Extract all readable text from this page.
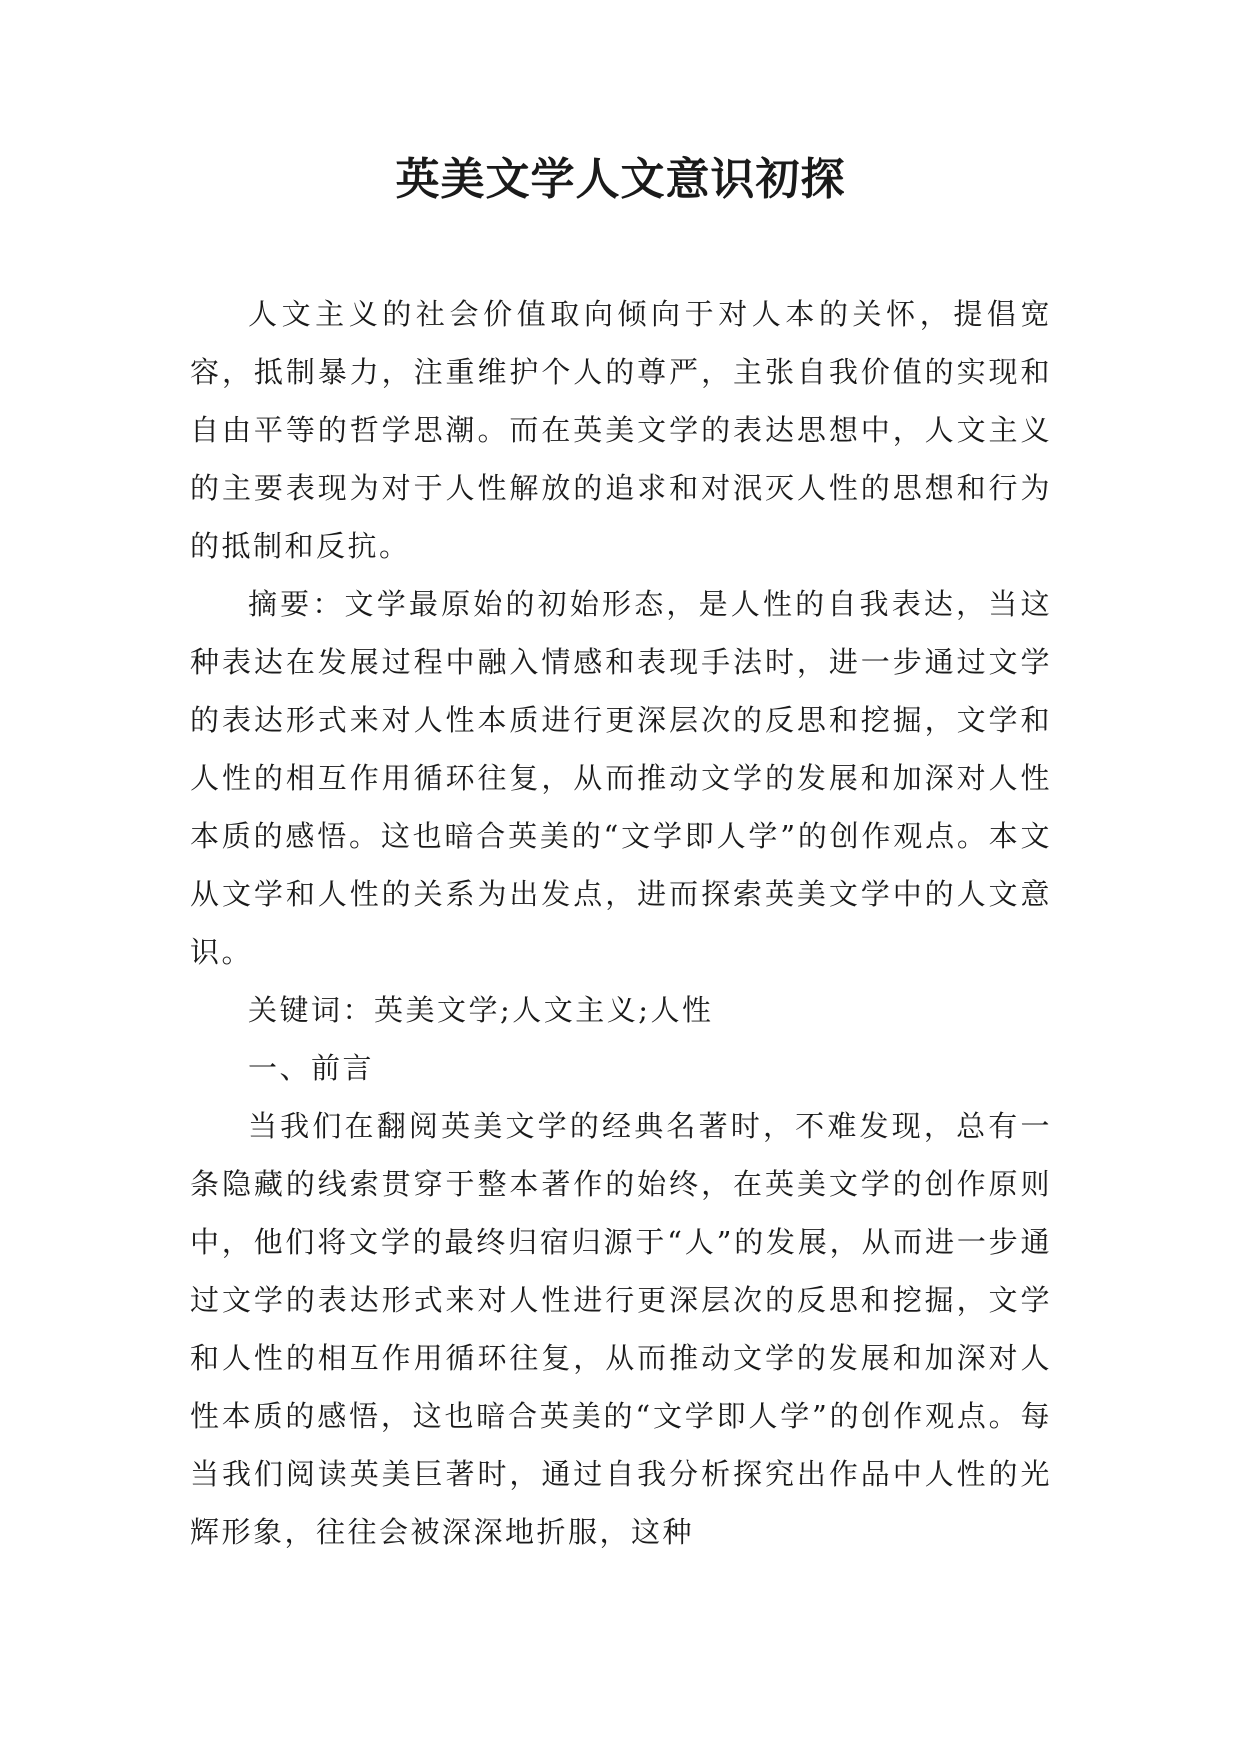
英美文学人文意识初探

人文主义的社会价值取向倾向于对人本的关怀，提倡宽容，抵制暴力，注重维护个人的尊严，主张自我价值的实现和自由平等的哲学思潮。而在英美文学的表达思想中，人文主义的主要表现为对于人性解放的追求和对泯灭人性的思想和行为的抵制和反抗。

摘要：文学最原始的初始形态，是人性的自我表达，当这种表达在发展过程中融入情感和表现手法时，进一步通过文学的表达形式来对人性本质进行更深层次的反思和挖掘，文学和人性的相互作用循环往复，从而推动文学的发展和加深对人性本质的感悟。这也暗合英美的“文学即人学”的创作观点。本文从文学和人性的关系为出发点，进而探索英美文学中的人文意识。

关键词：英美文学;人文主义;人性

一、前言

当我们在翻阅英美文学的经典名著时，不难发现，总有一条隐藏的线索贯穿于整本著作的始终，在英美文学的创作原则中，他们将文学的最终归宿归源于“人”的发展，从而进一步通过文学的表达形式来对人性进行更深层次的反思和挖掘，文学和人性的相互作用循环往复，从而推动文学的发展和加深对人性本质的感悟，这也暗合英美的“文学即人学”的创作观点。每当我们阅读英美巨著时，通过自我分析探究出作品中人性的光辉形象，往往会被深深地折服，这种
